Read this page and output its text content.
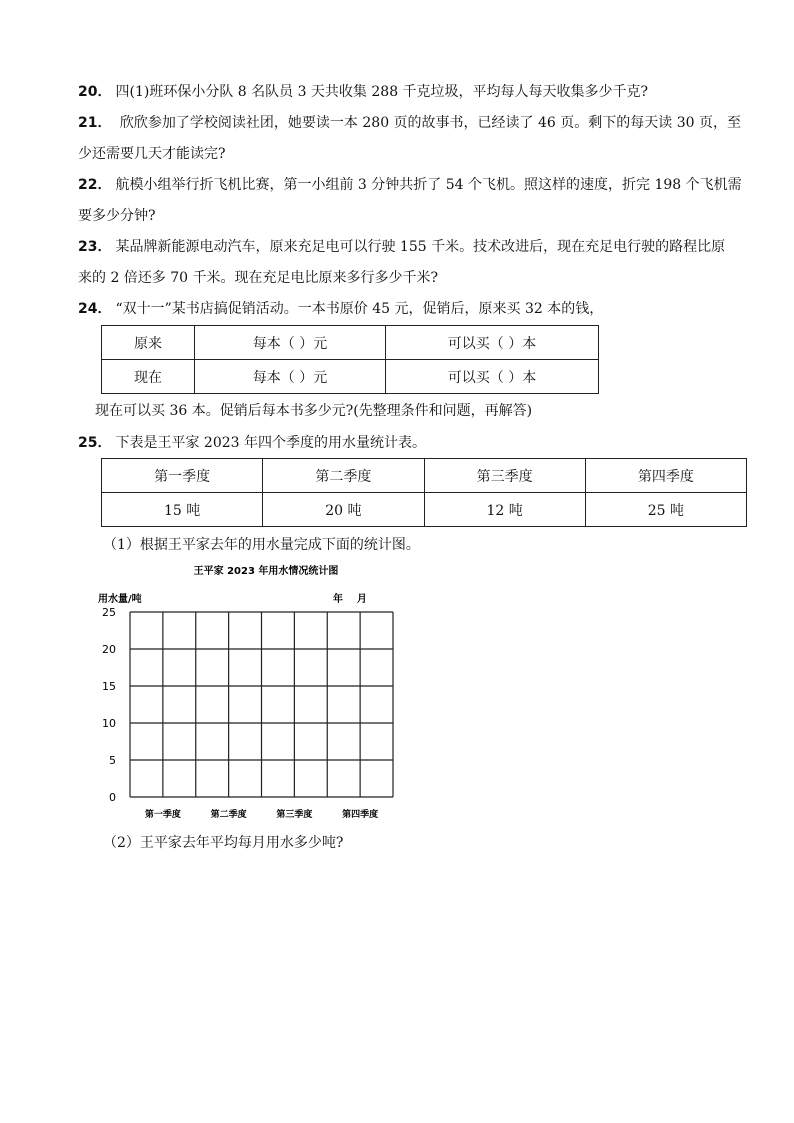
20． 四(1)班环保小分队 8 名队员 3 天共收集 288 千克垃圾，平均每人每天收集多少千克?

21． 欣欣参加了学校阅读社团，她要读一本 280 页的故事书，已经读了 46 页。剩下的每天读 30 页，至
少还需要几天才能读完?

22． 航模小组举行折飞机比赛，第一小组前 3 分钟共折了 54 个飞机。照这样的速度，折完 198 个飞机需
要多少分钟?

23． 某品牌新能源电动汽车，原来充足电可以行驶 155 千米。技术改进后，现在充足电行驶的路程比原
来的 2 倍还多 70 千米。现在充足电比原来多行多少千米?

24． “双十一”某书店搞促销活动。一本书原价 45 元，促销后，原来买 32 本的钱，

原来	每本（ ）元	可以买（ ）本
现在	每本（ ）元	可以买（ ）本

现在可以买 36 本。促销后每本书多少元?(先整理条件和问题，再解答)

25． 下表是王平家 2023 年四个季度的用水量统计表。

第一季度	第二季度	第三季度	第四季度
15 吨	20 吨	12 吨	25 吨

（1）根据王平家去年的用水量完成下面的统计图。

王平家 2023 年用水情况统计图
用水量/吨	年    月
0
5
10
15
20
25
第一季度	第二季度	第三季度	第四季度

（2）王平家去年平均每月用水多少吨?
